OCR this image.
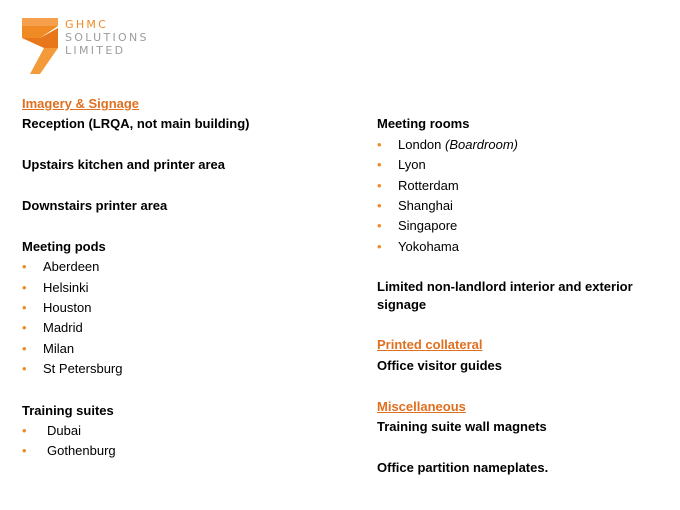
GHMC
SOLUTIONS
LIMITED
Imagery & Signage
Reception (LRQA, not main building)
Upstairs kitchen and printer area
Downstairs printer area
Meeting pods
• Aberdeen
• Helsinki
• Houston
• Madrid
• Milan
• St Petersburg
Training suites
• Dubai
• Gothenburg
Meeting rooms
• London (Boardroom)
• Lyon
• Rotterdam
• Shanghai
• Singapore
• Yokohama
Limited non-landlord interior and exterior signage
Printed collateral
Office visitor guides
Miscellaneous
Training suite wall magnets
Office partition nameplates.
